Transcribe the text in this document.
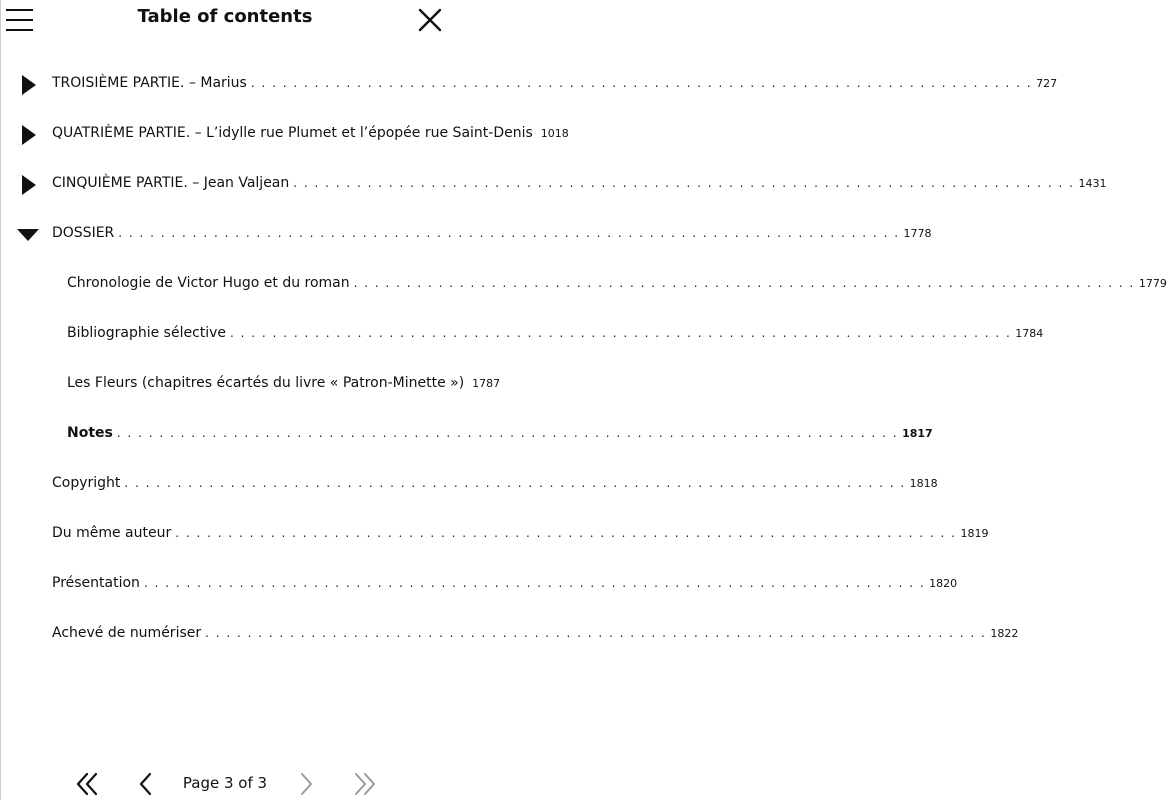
Table of contents
TROISIÈME PARTIE. – Marius . . .	727
QUATRIÈME PARTIE. – L’idylle rue Plumet et l’épopée rue Saint-Denis 1018
CINQUIÈME PARTIE. – Jean Valjean . . .	1431
DOSSIER . . .	1778
Chronologie de Victor Hugo et du roman . . .	1779
Bibliographie sélective . . .	1784
Les Fleurs (chapitres écartés du livre « Patron-Minette ») 1787
Notes . . .	1817
Copyright . . .	1818
Du même auteur . . .	1819
Présentation . . .	1820
Achevé de numériser . . .	1822
Page 3 of 3
